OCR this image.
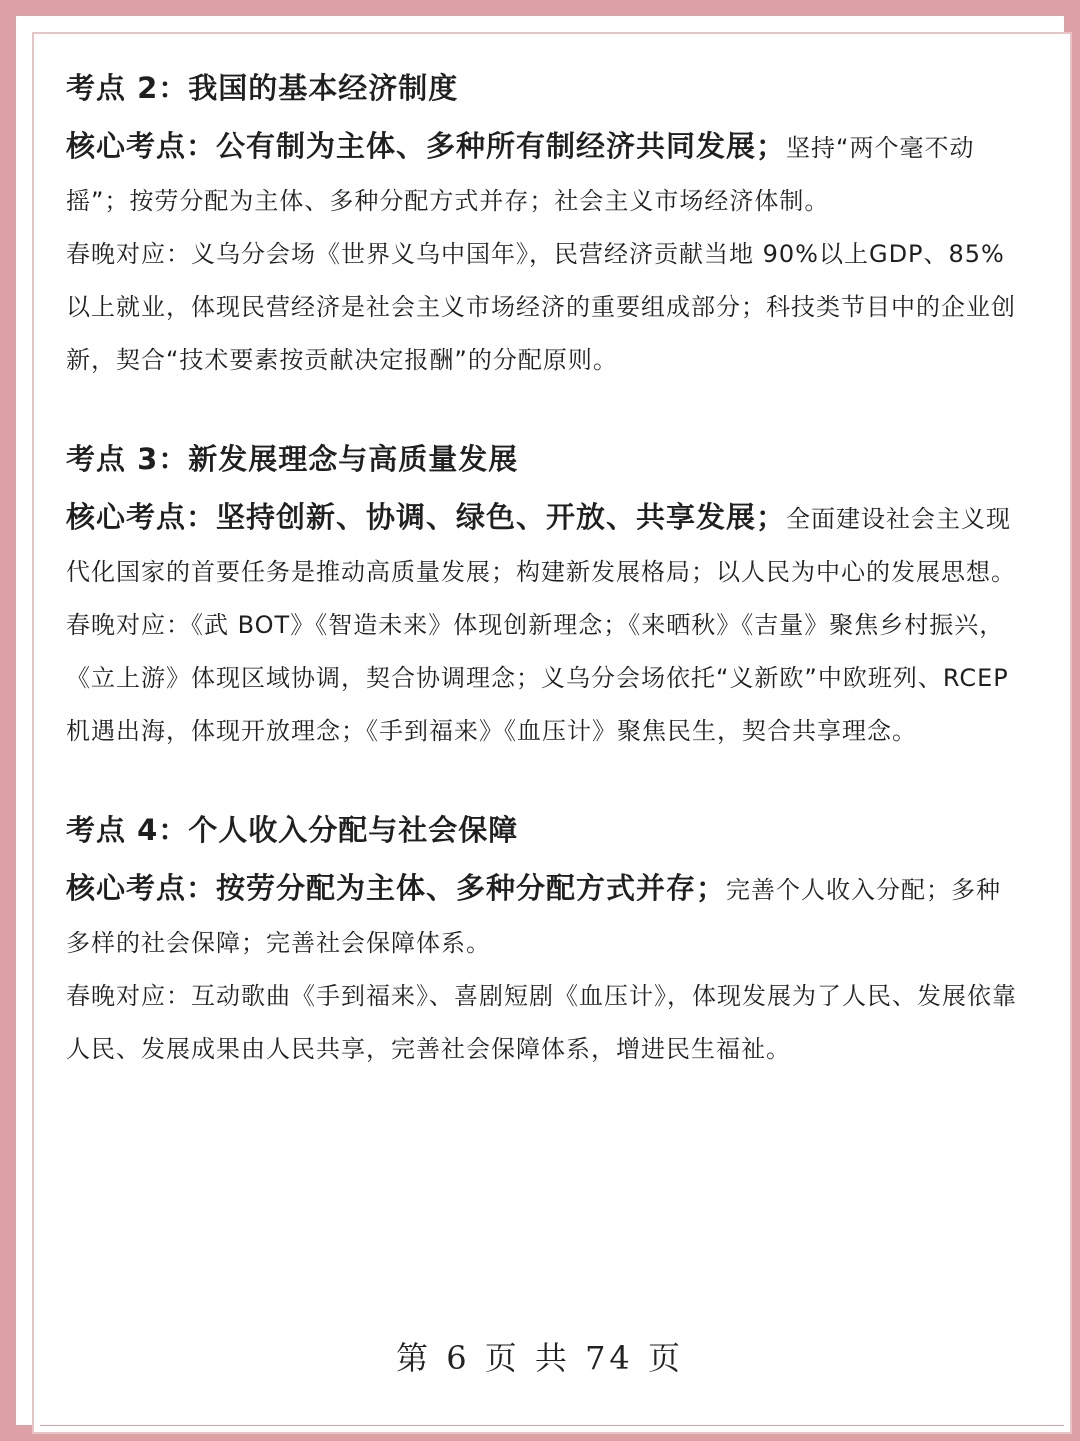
考点 2：我国的基本经济制度

核心考点：公有制为主体、多种所有制经济共同发展；坚持“两个毫不动摇”；按劳分配为主体、多种分配方式并存；社会主义市场经济体制。

春晚对应：义乌分会场《世界义乌中国年》，民营经济贡献当地 90%以上GDP、85%以上就业，体现民营经济是社会主义市场经济的重要组成部分；科技类节目中的企业创新，契合“技术要素按贡献决定报酬”的分配原则。

考点 3：新发展理念与高质量发展

核心考点：坚持创新、协调、绿色、开放、共享发展；全面建设社会主义现代化国家的首要任务是推动高质量发展；构建新发展格局；以人民为中心的发展思想。

春晚对应：《武 BOT》《智造未来》体现创新理念；《来晒秋》《吉量》聚焦乡村振兴，《立上游》体现区域协调，契合协调理念；义乌分会场依托“义新欧”中欧班列、RCEP 机遇出海，体现开放理念；《手到福来》《血压计》聚焦民生，契合共享理念。

考点 4：个人收入分配与社会保障

核心考点：按劳分配为主体、多种分配方式并存；完善个人收入分配；多种多样的社会保障；完善社会保障体系。

春晚对应：互动歌曲《手到福来》、喜剧短剧《血压计》，体现发展为了人民、发展依靠人民、发展成果由人民共享，完善社会保障体系，增进民生福祉。

第 6 页 共 74 页
